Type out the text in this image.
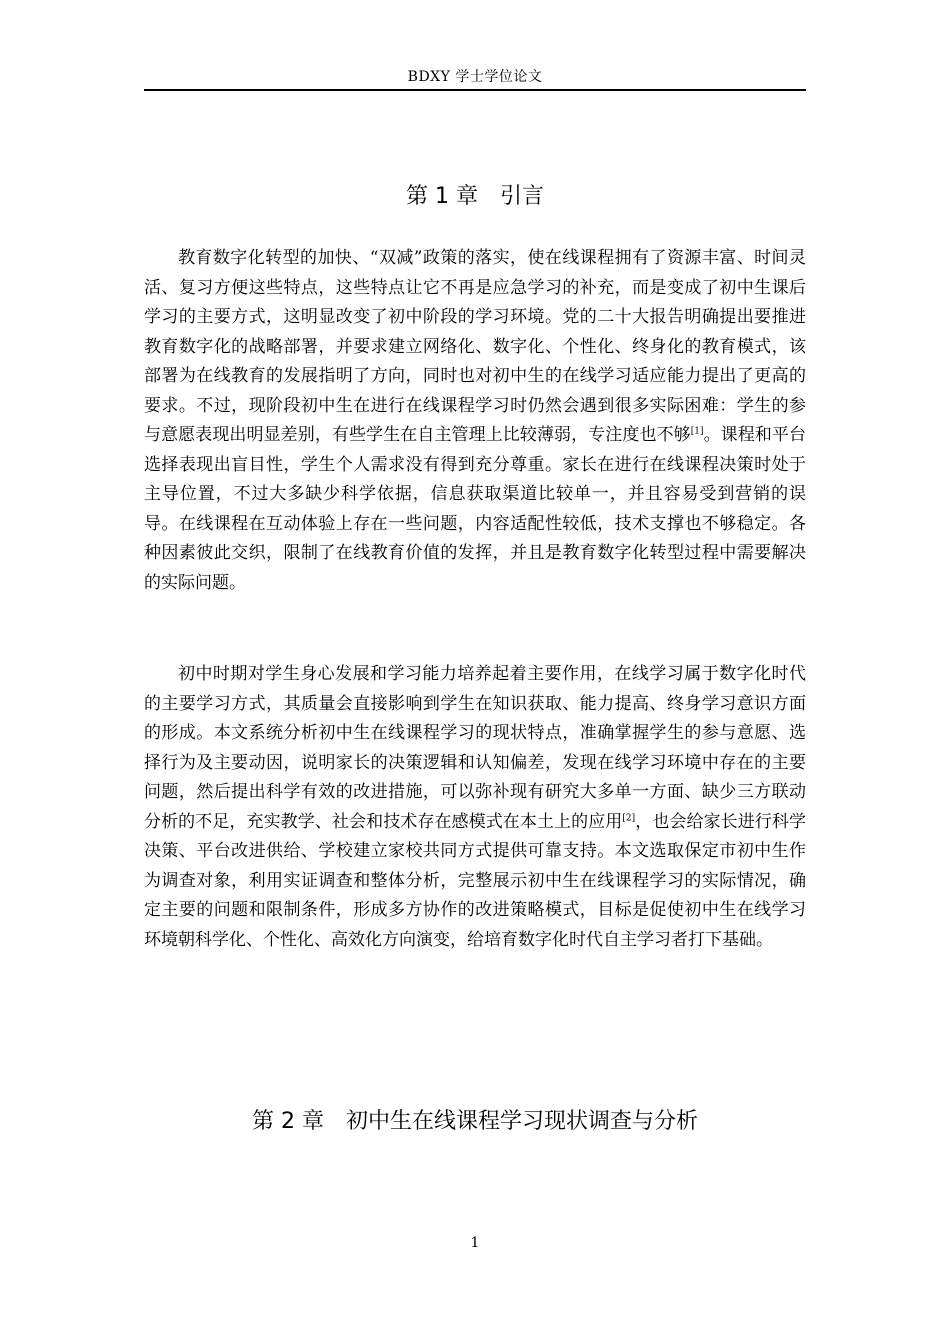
BDXY 学士学位论文
第 1 章 引言

教育数字化转型的加快、“双减”政策的落实，使在线课程拥有了资源丰富、时间灵活、复习方便这些特点，这些特点让它不再是应急学习的补充，而是变成了初中生课后学习的主要方式，这明显改变了初中阶段的学习环境。党的二十大报告明确提出要推进教育数字化的战略部署，并要求建立网络化、数字化、个性化、终身化的教育模式，该部署为在线教育的发展指明了方向，同时也对初中生的在线学习适应能力提出了更高的要求。不过，现阶段初中生在进行在线课程学习时仍然会遇到很多实际困难：学生的参与意愿表现出明显差别，有些学生在自主管理上比较薄弱，专注度也不够[1]。课程和平台选择表现出盲目性，学生个人需求没有得到充分尊重。家长在进行在线课程决策时处于主导位置，不过大多缺少科学依据，信息获取渠道比较单一，并且容易受到营销的误导。在线课程在互动体验上存在一些问题，内容适配性较低，技术支撑也不够稳定。各种因素彼此交织，限制了在线教育价值的发挥，并且是教育数字化转型过程中需要解决的实际问题。

初中时期对学生身心发展和学习能力培养起着主要作用，在线学习属于数字化时代的主要学习方式，其质量会直接影响到学生在知识获取、能力提高、终身学习意识方面的形成。本文系统分析初中生在线课程学习的现状特点，准确掌握学生的参与意愿、选择行为及主要动因，说明家长的决策逻辑和认知偏差，发现在线学习环境中存在的主要问题，然后提出科学有效的改进措施，可以弥补现有研究大多单一方面、缺少三方联动分析的不足，充实教学、社会和技术存在感模式在本土上的应用[2]，也会给家长进行科学决策、平台改进供给、学校建立家校共同方式提供可靠支持。本文选取保定市初中生作为调查对象，利用实证调查和整体分析，完整展示初中生在线课程学习的实际情况，确定主要的问题和限制条件，形成多方协作的改进策略模式，目标是促使初中生在线学习环境朝科学化、个性化、高效化方向演变，给培育数字化时代自主学习者打下基础。

第 2 章 初中生在线课程学习现状调查与分析
1
